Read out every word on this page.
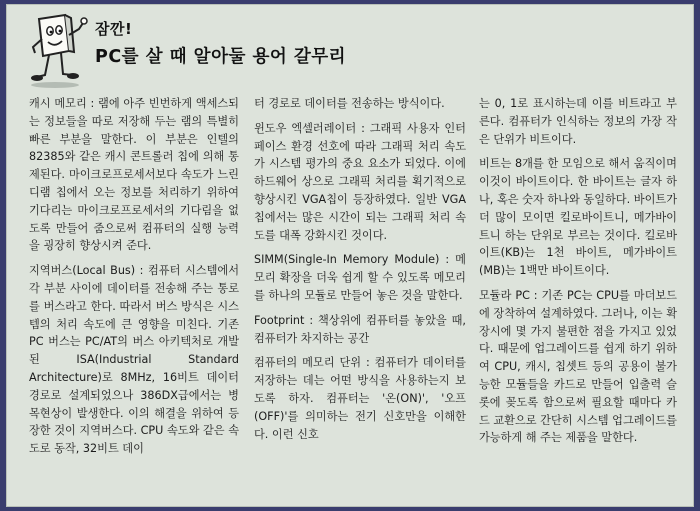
잠깐!
PC를 살 때 알아둘 용어 갈무리

캐시 메모리 : 램에 아주 빈번하게 액세스되는 정보들을 따로 저장해 두는 램의 특별히 빠른 부분을 말한다. 이 부분은 인텔의 82385와 같은 캐시 콘트롤러 칩에 의해 통제된다. 마이크로프로세서보다 속도가 느린 디램 칩에서 오는 정보를 처리하기 위하여 기다리는 마이크로프로세서의 기다림을 없도록 만들어 줌으로써 컴퓨터의 실행 능력을 굉장히 향상시켜 준다.

지역버스(Local Bus) : 컴퓨터 시스템에서 각 부분 사이에 데이터를 전송해 주는 통로를 버스라고 한다. 따라서 버스 방식은 시스템의 처리 속도에 큰 영향을 미친다. 기존 PC 버스는 PC/AT의 버스 아키텍처로 개발된 ISA(Industrial Standard Architecture)로 8MHz, 16비트 데이터 경로로 설계되었으나 386DX급에서는 병목현상이 발생한다. 이의 해결을 위하여 등장한 것이 지역버스다. CPU 속도와 같은 속도로 동작, 32비트 데이

터 경로로 데이터를 전송하는 방식이다.

윈도우 엑셀러레이터 : 그래픽 사용자 인터페이스 환경 선호에 따라 그래픽 처리 속도가 시스템 평가의 중요 요소가 되었다. 이에 하드웨어 상으로 그래픽 처리를 획기적으로 향상시킨 VGA칩이 등장하였다. 일반 VGA 칩에서는 많은 시간이 되는 그래픽 처리 속도를 대폭 강화시킨 것이다.

SIMM(Single-In Memory Module) : 메모리 확장을 더욱 쉽게 할 수 있도록 메모리를 하나의 모듈로 만들어 놓은 것을 말한다.

Footprint : 책상위에 컴퓨터를 놓았을 때, 컴퓨터가 차지하는 공간

컴퓨터의 메모리 단위 : 컴퓨터가 데이터를 저장하는 데는 어떤 방식을 사용하는지 보도록 하자. 컴퓨터는 '온(ON)', '오프(OFF)'를 의미하는 전기 신호만을 이해한다. 이런 신호

는 0, 1로 표시하는데 이를 비트라고 부른다. 컴퓨터가 인식하는 정보의 가장 작은 단위가 비트이다.

비트는 8개를 한 모임으로 해서 움직이며 이것이 바이트이다. 한 바이트는 글자 하나, 혹은 숫자 하나와 동일하다. 바이트가 더 많이 모이면 킬로바이트니, 메가바이트니 하는 단위로 부르는 것이다. 킬로바이트(KB)는 1천 바이트, 메가바이트(MB)는 1백만 바이트이다.

모듈라 PC : 기존 PC는 CPU를 마더보드에 장착하여 설계하였다. 그러나, 이는 확장시에 몇 가지 불편한 점을 가지고 있었다. 때문에 업그레이드를 쉽게 하기 위하여 CPU, 캐시, 칩셋트 등의 공용이 불가능한 모듈들을 카드로 만들어 입출력 슬롯에 꽂도록 함으로써 필요할 때마다 카드 교환으로 간단히 시스템 업그레이드를 가능하게 해 주는 제품을 말한다.
